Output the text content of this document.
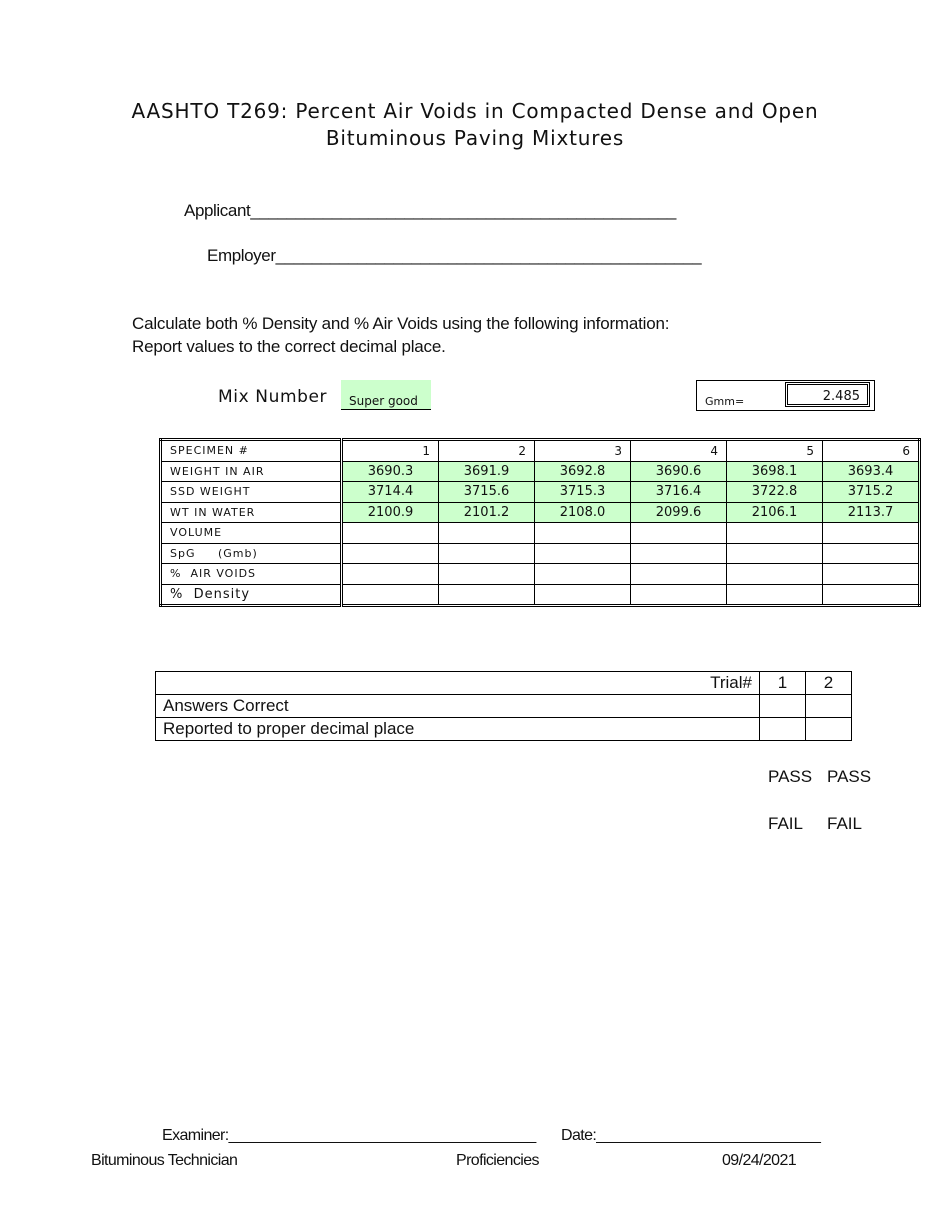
AASHTO T269: Percent Air Voids in Compacted Dense and Open
Bituminous Paving Mixtures
Applicant_______________________________________________
Employer_______________________________________________
Calculate both % Density and % Air Voids using the following information:
Report values to the correct decimal place.
Mix Number	Super good	Gmm=	2.485
SPECIMEN #	1	2	3	4	5	6
WEIGHT IN AIR	3690.3	3691.9	3692.8	3690.6	3698.1	3693.4
SSD WEIGHT	3714.4	3715.6	3715.3	3716.4	3722.8	3715.2
WT IN WATER	2100.9	2101.2	2108.0	2099.6	2106.1	2113.7
VOLUME						
SpG     (Gmb)						
%  AIR VOIDS						
%  Density						
Trial#	1	2
Answers Correct		
Reported to proper decimal place		
PASS PASS
FAIL FAIL
Examiner:_____________________________________ Date:___________________________
Bituminous Technician	Proficiencies	09/24/2021
